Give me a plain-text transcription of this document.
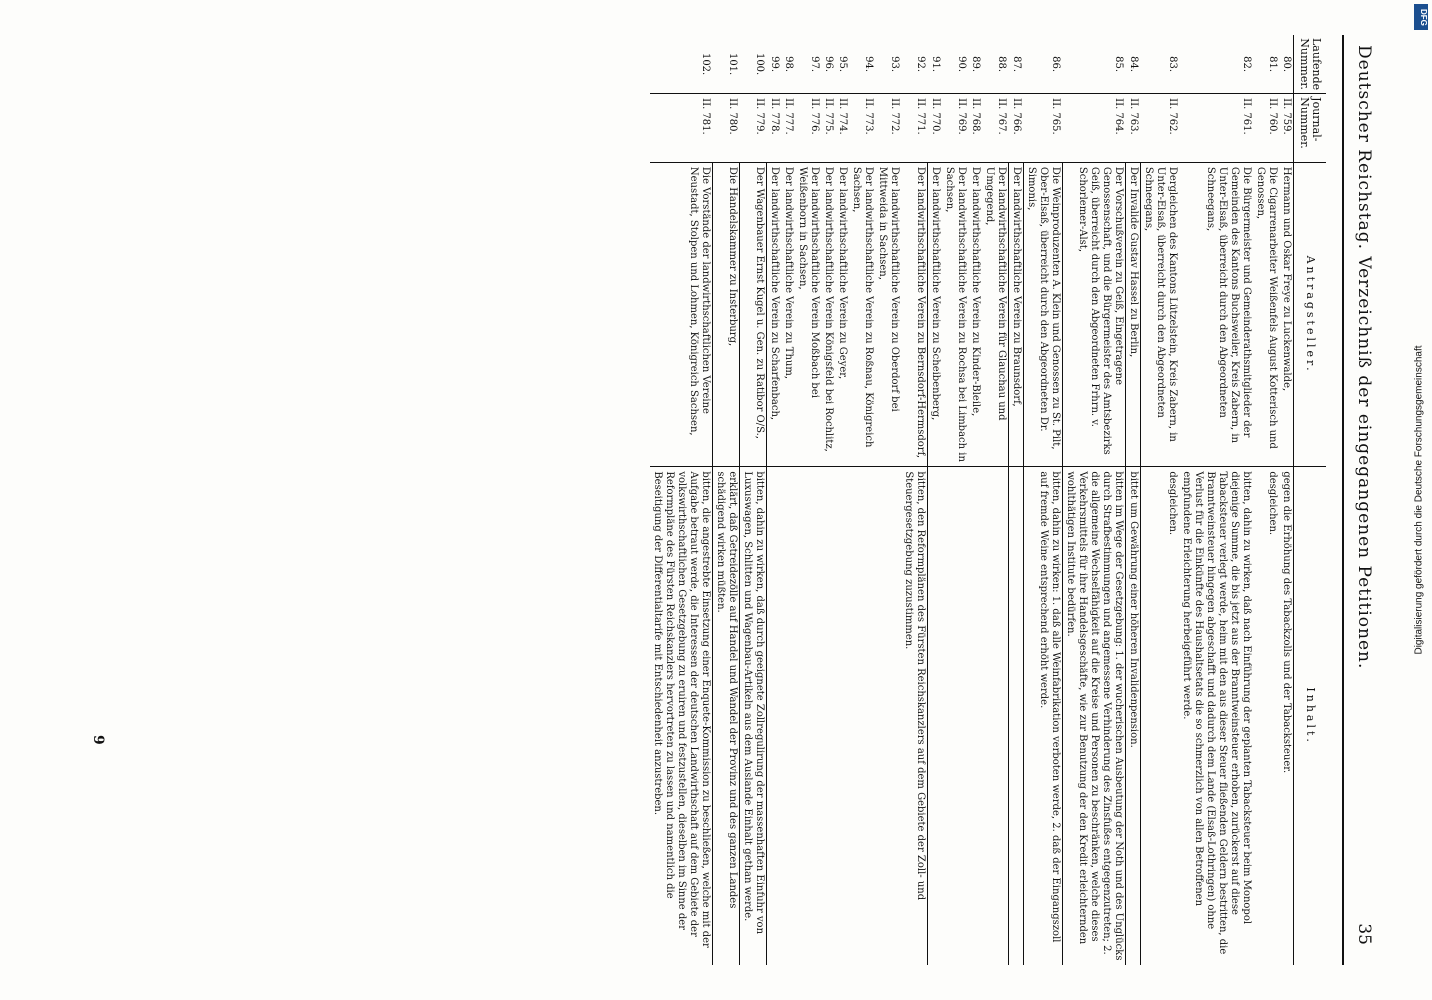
Deutscher Reichstag. Verzeichniß der eingegangenen Petitionen.
35
Laufende Nummer.	Journal-Nummer.	Antragsteller.	Inhalt.
80.	II. 759.	Hermann und Oskar Freye zu Luckenwalde,	gegen die Erhöhung des Tabackzolls und der Tabacksteuer.
81.	II. 760.	Die Cigarrenarbeiter Weißenfels August Kotterisch und Genossen,	desgleichen.
82.	II. 761.	Die Bürgermeister und Gemeinderathsmitglieder der Gemeinden des Kantons Buchsweiler, Kreis Zabern, in Unter-Elsaß, überreicht durch den Abgeordneten Schneegans,	bitten, dahin zu wirken, daß nach Einführung der geplanten Tabacksteuer beim Monopol diejenige Summe, die bis jetzt aus der Branntweinsteuer erhoben, zurückerst auf diese Tabacksteuer verlegt werde, heim mit den aus dieser Steuer fließenden Geldern bestritten, die Branntweinsteuer hingegen abgeschafft und dadurch dem Lande (Elsaß-Lothringen) ohne Verlust für die Einkünfte des Haushaltsetats die so schmerzlich von allen Betroffenen empfundene Erleichterung herbeigeführt werde.
83.	II. 762.	Dergleichen des Kantons Lützelstein, Kreis Zabern, in Unter-Elsaß, überreicht durch den Abgeordneten Schneegans,	desgleichen.
84.	II. 763.	Der Invalide Gustav Hassel zu Berlin,	bittet um Gewährung einer höheren Invalidenpension.
85.	II. 764.	Der Vorschußverein zu Geiß, Eingetragene Genossenschaft, und die Bürgermeister des Amtsbezirks Geiß, überreicht durch den Abgeordneten Frhrn. v. Schorlemer-Alst,	bitten im Wege der Gesetzgebung: 1. der wucherischen Ausbeutung der Noth und des Unglücks durch Strafbestimmungen und angemessene Verhinderung des Zinsfußes entgegenzutreten; 2. die allgemeine Wechselfähigkeit auf die Kreise und Personen zu beschränken, welche dieses Verkehrsmittels für ihre Handelsgeschäfte, wie zur Benutzung der den Kredit erleichternden wohlthätigen Institute bedürfen.
86.	II. 765.	Die Weinproduzenten A. Klein und Genossen zu St. Pilt, Ober-Elsaß, überreicht durch den Abgeordneten Dr. Simonis,	bitten, dahin zu wirken: 1. daß alle Weinfabrikation verboten werde, 2. daß der Eingangszoll auf fremde Weine entsprechend erhöht werde.
87.	II. 766.	Der landwirthschaftliche Verein zu Braunsdorf,	
88.	II. 767.	Der landwirthschaftliche Verein für Glauchau und Umgegend,	
89.	II. 768.	Der landwirthschaftliche Verein zu Kinder-Bleile,	
90.	II. 769.	Der landwirthschaftliche Verein zu Rochsa bei Limbach in Sachsen,	
91.	II. 770.	Der landwirthschaftliche Verein zu Scheibenberg,	
92.	II. 771.	Der landwirthschaftliche Verein zu Bernsdorf-Hermsdorf,	bitten, den Reformplänen des Fürsten Reichskanzlers auf dem Gebiete der Zoll- und Steuergesetzgebung zuzustimmen.
93.	II. 772.	Der landwirthschaftliche Verein zu Oberdorf bei Mittweida in Sachsen,	
94.	II. 773.	Der landwirthschaftliche Verein zu Roßnau, Königreich Sachsen,	
95.	II. 774.	Der landwirthschaftliche Verein zu Geyer,	
96.	II. 775.	Der landwirthschaftliche Verein Königsfeld bei Rochlitz,	
97.	II. 776.	Der landwirthschaftliche Verein Moßbach bei Weißenborn in Sachsen,	
98.	II. 777.	Der landwirthschaftliche Verein zu Thum,	
99.	II. 778.	Der landwirthschaftliche Verein zu Scharfenbach,	
100.	II. 779.	Der Wagenbauer Ernst Kugel u. Gen. zu Ratibor O/S.,	bitten, dahin zu wirken, daß durch geeignete Zollregulirung der massenhaften Einfuhr von Luxuswagen, Schlitten und Wagenbau-Artikeln aus dem Auslande Einhalt gethan werde.
101.	II. 780.	Die Handelskammer zu Insterburg,	erklärt, daß Getreidezölle auf Handel und Wandel der Provinz und des ganzen Landes schädigend wirken müßten.
102.	II. 781.	Die Vorstände der landwirthschaftlichen Vereine Neustadt, Stolpen und Lohmen, Königreich Sachsen,	bitten, die angestrebte Einsetzung einer Enquete-Kommission zu beschließen, welche mit der Aufgabe betraut werde, die Interessen der deutschen Landwirthschaft auf dem Gebiete der volkswirthschaftlichen Gesetzgebung zu eruiren und festzustellen, dieselben im Sinne der Reformpläne des Fürsten Reichskanzlers hervortreten zu lassen und namentlich die Beseitigung der Differentialtarife mit Entschiedenheit anzustreben.
9
DFG
Digitalisierung gefördert durch die Deutsche Forschungsgemeinschaft
